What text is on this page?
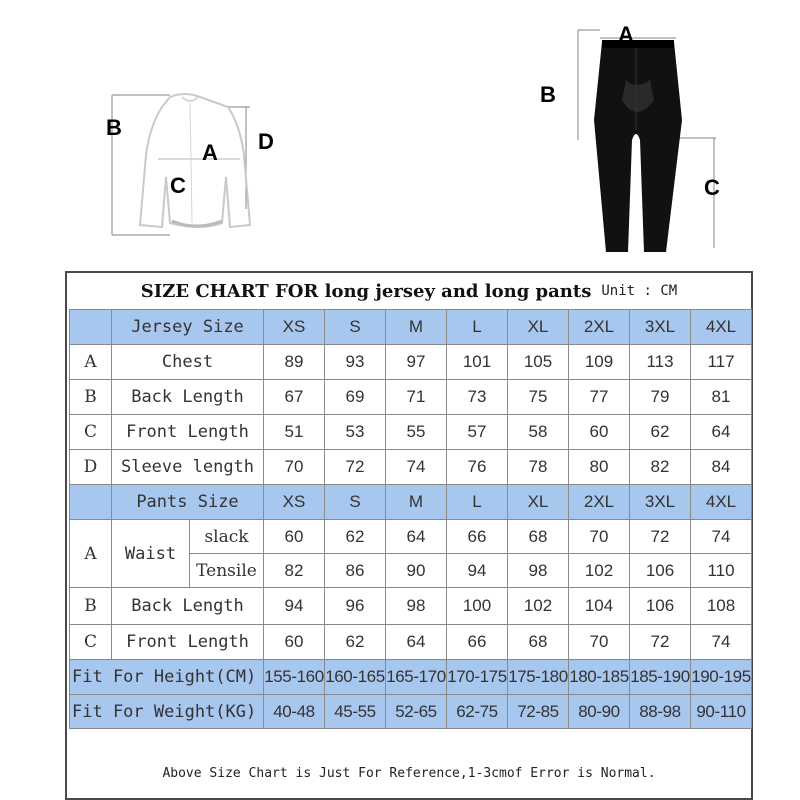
B
A D
C
A
B
C
SIZE CHART FOR long jersey and long pants Unit : CM
	Jersey Size		XS	S	M	L	XL	2XL	3XL	4XL
A	Chest		89	93	97	101	105	109	113	117
B	Back Length		67	69	71	73	75	77	79	81
C	Front Length		51	53	55	57	58	60	62	64
D	Sleeve length		70	72	74	76	78	80	82	84
	Pants Size		XS	S	M	L	XL	2XL	3XL	4XL
A	Waist	slack	60	62	64	66	68	70	72	74
		Tensile	82	86	90	94	98	102	106	110
B	Back Length		94	96	98	100	102	104	106	108
C	Front Length		60	62	64	66	68	70	72	74
Fit For Height(CM)			155-160	160-165	165-170	170-175	175-180	180-185	185-190	190-195
Fit For Weight(KG)			40-48	45-55	52-65	62-75	72-85	80-90	88-98	90-110
Above Size Chart is Just For Reference,1-3cmof Error is Normal.
